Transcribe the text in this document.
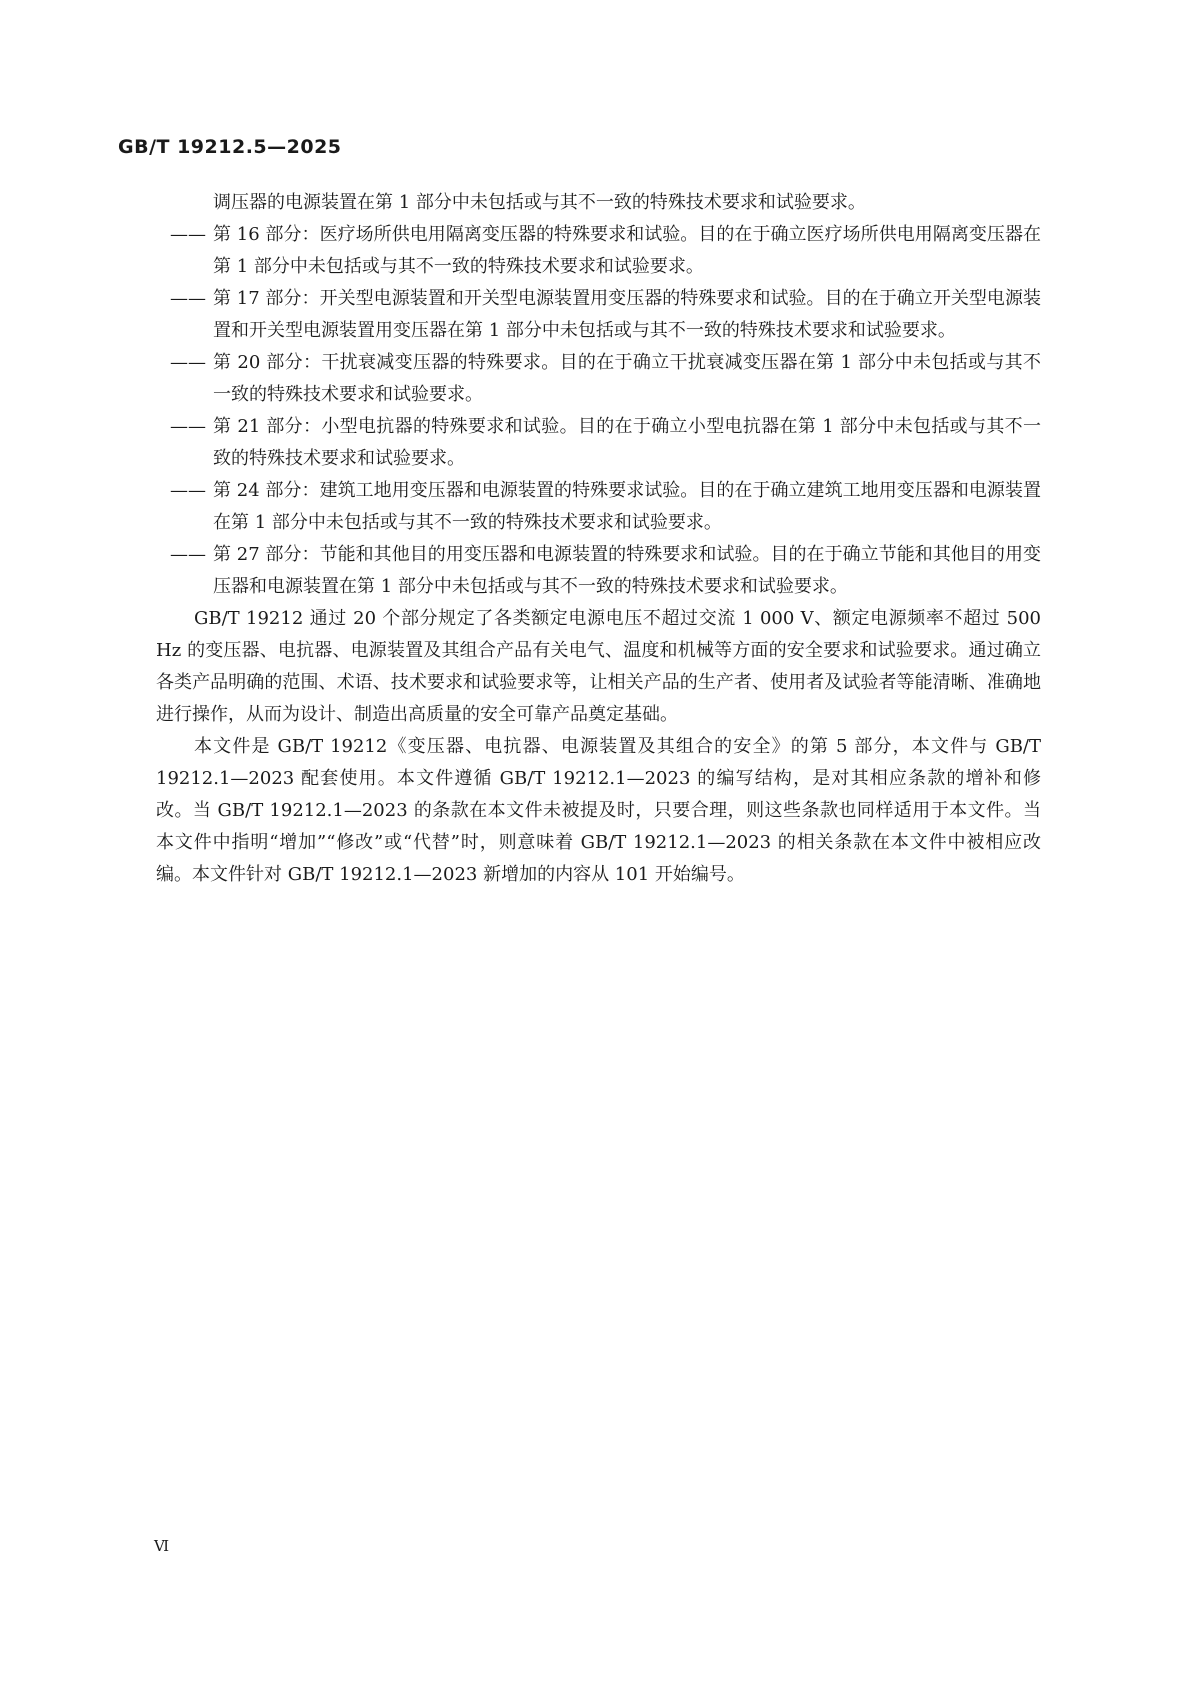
GB/T 19212.5—2025
调压器的电源装置在第 1 部分中未包括或与其不一致的特殊技术要求和试验要求。
—— 第 16 部分：医疗场所供电用隔离变压器的特殊要求和试验。目的在于确立医疗场所供电用隔离变压器在第 1 部分中未包括或与其不一致的特殊技术要求和试验要求。
—— 第 17 部分：开关型电源装置和开关型电源装置用变压器的特殊要求和试验。目的在于确立开关型电源装置和开关型电源装置用变压器在第 1 部分中未包括或与其不一致的特殊技术要求和试验要求。
—— 第 20 部分：干扰衰减变压器的特殊要求。目的在于确立干扰衰减变压器在第 1 部分中未包括或与其不一致的特殊技术要求和试验要求。
—— 第 21 部分：小型电抗器的特殊要求和试验。目的在于确立小型电抗器在第 1 部分中未包括或与其不一致的特殊技术要求和试验要求。
—— 第 24 部分：建筑工地用变压器和电源装置的特殊要求试验。目的在于确立建筑工地用变压器和电源装置在第 1 部分中未包括或与其不一致的特殊技术要求和试验要求。
—— 第 27 部分：节能和其他目的用变压器和电源装置的特殊要求和试验。目的在于确立节能和其他目的用变压器和电源装置在第 1 部分中未包括或与其不一致的特殊技术要求和试验要求。

GB/T 19212 通过 20 个部分规定了各类额定电源电压不超过交流 1 000 V、额定电源频率不超过 500 Hz 的变压器、电抗器、电源装置及其组合产品有关电气、温度和机械等方面的安全要求和试验要求。通过确立各类产品明确的范围、术语、技术要求和试验要求等，让相关产品的生产者、使用者及试验者等能清晰、准确地进行操作，从而为设计、制造出高质量的安全可靠产品奠定基础。

本文件是 GB/T 19212《变压器、电抗器、电源装置及其组合的安全》的第 5 部分，本文件与 GB/T 19212.1—2023 配套使用。本文件遵循 GB/T 19212.1—2023 的编写结构，是对其相应条款的增补和修改。当 GB/T 19212.1—2023 的条款在本文件未被提及时，只要合理，则这些条款也同样适用于本文件。当本文件中指明“增加”“修改”或“代替”时，则意味着 GB/T 19212.1—2023 的相关条款在本文件中被相应改编。本文件针对 GB/T 19212.1—2023 新增加的内容从 101 开始编号。

Ⅵ
